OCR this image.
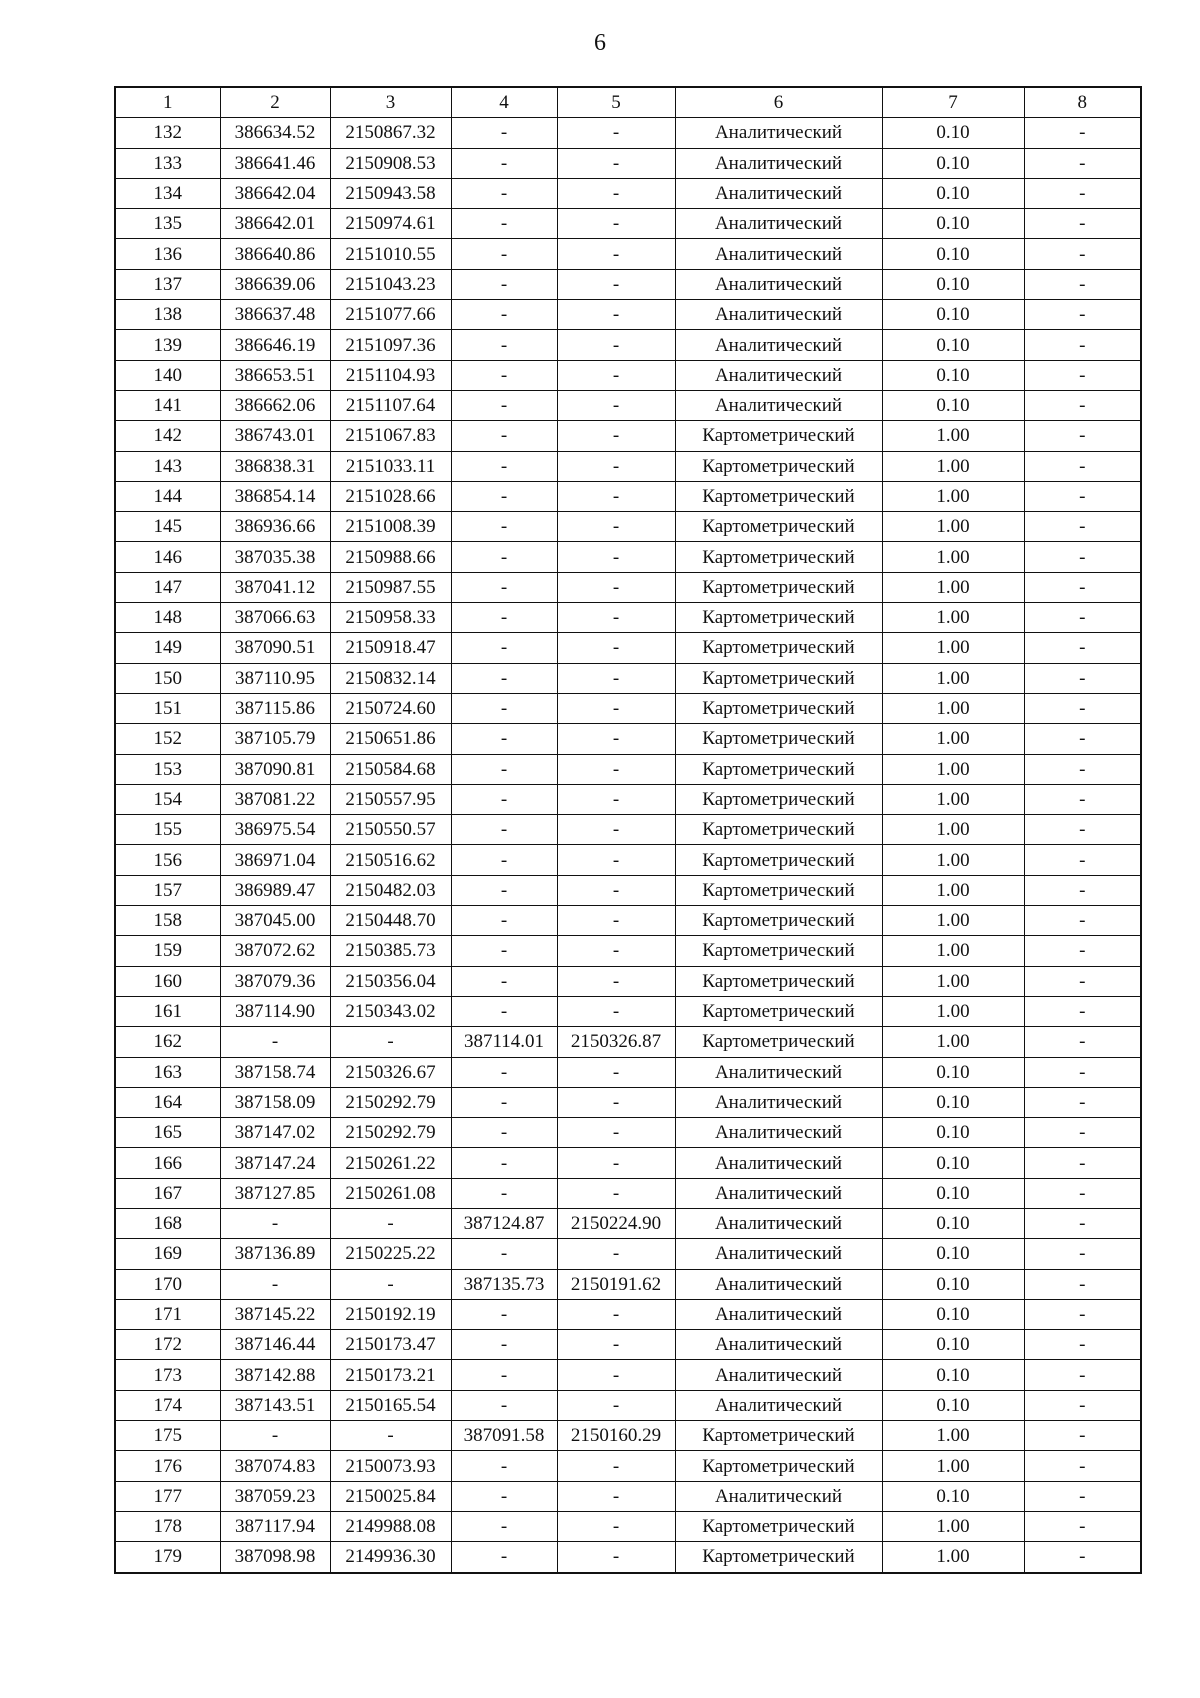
6
1	2	3	4	5	6	7	8
132	386634.52	2150867.32	-	-	Аналитический	0.10	-
133	386641.46	2150908.53	-	-	Аналитический	0.10	-
134	386642.04	2150943.58	-	-	Аналитический	0.10	-
135	386642.01	2150974.61	-	-	Аналитический	0.10	-
136	386640.86	2151010.55	-	-	Аналитический	0.10	-
137	386639.06	2151043.23	-	-	Аналитический	0.10	-
138	386637.48	2151077.66	-	-	Аналитический	0.10	-
139	386646.19	2151097.36	-	-	Аналитический	0.10	-
140	386653.51	2151104.93	-	-	Аналитический	0.10	-
141	386662.06	2151107.64	-	-	Аналитический	0.10	-
142	386743.01	2151067.83	-	-	Картометрический	1.00	-
143	386838.31	2151033.11	-	-	Картометрический	1.00	-
144	386854.14	2151028.66	-	-	Картометрический	1.00	-
145	386936.66	2151008.39	-	-	Картометрический	1.00	-
146	387035.38	2150988.66	-	-	Картометрический	1.00	-
147	387041.12	2150987.55	-	-	Картометрический	1.00	-
148	387066.63	2150958.33	-	-	Картометрический	1.00	-
149	387090.51	2150918.47	-	-	Картометрический	1.00	-
150	387110.95	2150832.14	-	-	Картометрический	1.00	-
151	387115.86	2150724.60	-	-	Картометрический	1.00	-
152	387105.79	2150651.86	-	-	Картометрический	1.00	-
153	387090.81	2150584.68	-	-	Картометрический	1.00	-
154	387081.22	2150557.95	-	-	Картометрический	1.00	-
155	386975.54	2150550.57	-	-	Картометрический	1.00	-
156	386971.04	2150516.62	-	-	Картометрический	1.00	-
157	386989.47	2150482.03	-	-	Картометрический	1.00	-
158	387045.00	2150448.70	-	-	Картометрический	1.00	-
159	387072.62	2150385.73	-	-	Картометрический	1.00	-
160	387079.36	2150356.04	-	-	Картометрический	1.00	-
161	387114.90	2150343.02	-	-	Картометрический	1.00	-
162	-	-	387114.01	2150326.87	Картометрический	1.00	-
163	387158.74	2150326.67	-	-	Аналитический	0.10	-
164	387158.09	2150292.79	-	-	Аналитический	0.10	-
165	387147.02	2150292.79	-	-	Аналитический	0.10	-
166	387147.24	2150261.22	-	-	Аналитический	0.10	-
167	387127.85	2150261.08	-	-	Аналитический	0.10	-
168	-	-	387124.87	2150224.90	Аналитический	0.10	-
169	387136.89	2150225.22	-	-	Аналитический	0.10	-
170	-	-	387135.73	2150191.62	Аналитический	0.10	-
171	387145.22	2150192.19	-	-	Аналитический	0.10	-
172	387146.44	2150173.47	-	-	Аналитический	0.10	-
173	387142.88	2150173.21	-	-	Аналитический	0.10	-
174	387143.51	2150165.54	-	-	Аналитический	0.10	-
175	-	-	387091.58	2150160.29	Картометрический	1.00	-
176	387074.83	2150073.93	-	-	Картометрический	1.00	-
177	387059.23	2150025.84	-	-	Аналитический	0.10	-
178	387117.94	2149988.08	-	-	Картометрический	1.00	-
179	387098.98	2149936.30	-	-	Картометрический	1.00	-
